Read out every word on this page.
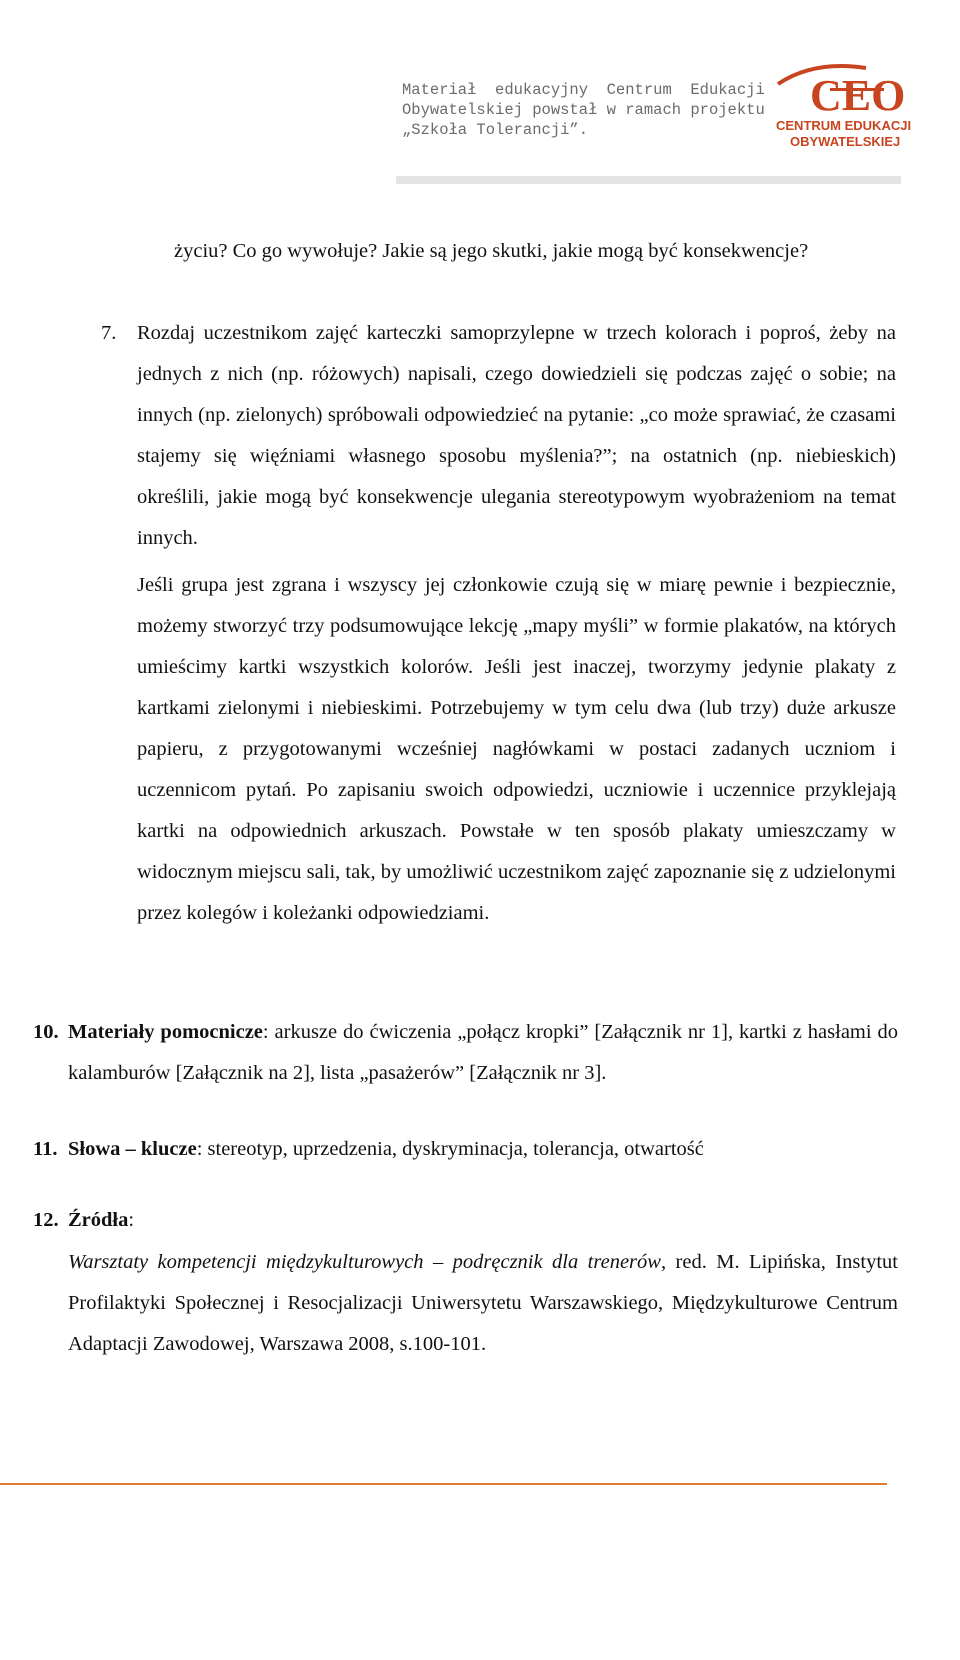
Materiał  edukacyjny  Centrum  Edukacji
Obywatelskiej powstał w ramach projektu
„Szkoła Tolerancji”.
CEO
CENTRUM EDUKACJI
OBYWATELSKIEJ

życiu? Co go wywołuje? Jakie są jego skutki, jakie mogą być konsekwencje?

7. Rozdaj uczestnikom zajęć karteczki samoprzylepne w trzech kolorach i poproś, żeby na jednych z nich (np. różowych) napisali, czego dowiedzieli się podczas zajęć o sobie; na innych (np. zielonych) spróbowali odpowiedzieć na pytanie: „co może sprawiać, że czasami stajemy się więźniami własnego sposobu myślenia?”; na ostatnich (np. niebieskich) określili, jakie mogą być konsekwencje ulegania stereotypowym wyobrażeniom na temat innych.

Jeśli grupa jest zgrana i wszyscy jej członkowie czują się w miarę pewnie i bezpiecznie, możemy stworzyć trzy podsumowujące lekcję „mapy myśli” w formie plakatów, na których umieścimy kartki wszystkich kolorów. Jeśli jest inaczej, tworzymy jedynie plakaty z kartkami zielonymi i niebieskimi. Potrzebujemy w tym celu dwa (lub trzy) duże arkusze papieru, z przygotowanymi wcześniej nagłówkami w postaci zadanych uczniom i uczennicom pytań. Po zapisaniu swoich odpowiedzi, uczniowie i uczennice przyklejają kartki na odpowiednich arkuszach. Powstałe w ten sposób plakaty umieszczamy w widocznym miejscu sali, tak, by umożliwić uczestnikom zajęć zapoznanie się z udzielonymi przez kolegów i koleżanki odpowiedziami.

10. Materiały pomocnicze: arkusze do ćwiczenia „połącz kropki” [Załącznik nr 1], kartki z hasłami do kalamburów [Załącznik na 2], lista „pasażerów” [Załącznik nr 3].

11. Słowa – klucze: stereotyp, uprzedzenia, dyskryminacja, tolerancja, otwartość

12. Źródła:

Warsztaty kompetencji międzykulturowych – podręcznik dla trenerów, red. M. Lipińska, Instytut Profilaktyki Społecznej i Resocjalizacji Uniwersytetu Warszawskiego, Międzykulturowe Centrum Adaptacji Zawodowej, Warszawa 2008, s.100-101.
